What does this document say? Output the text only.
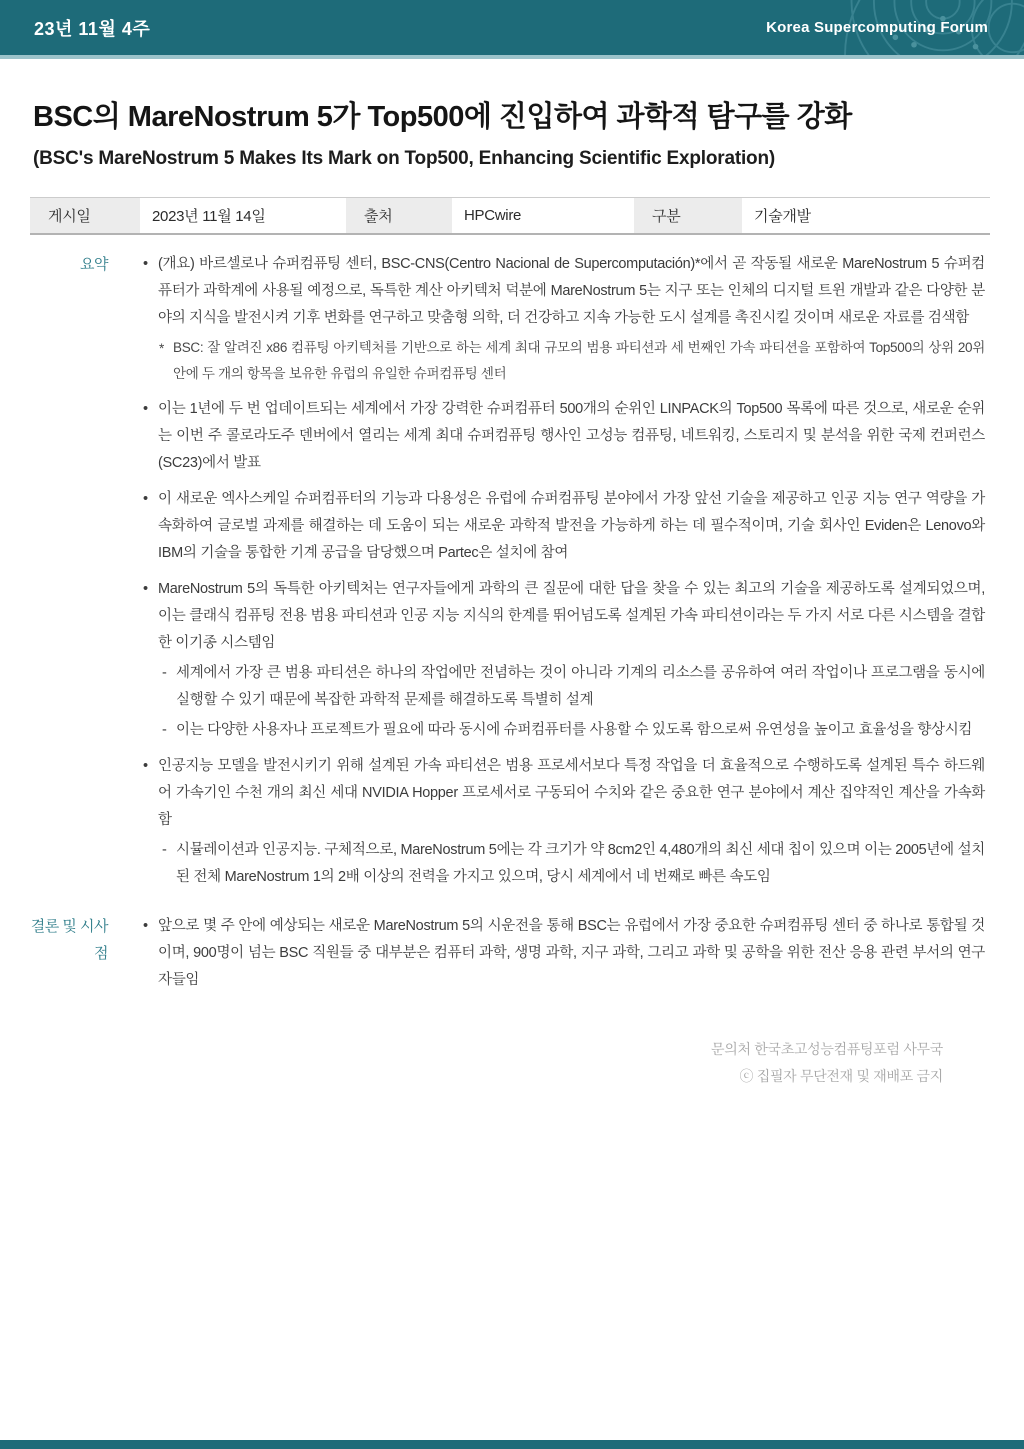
23년 11월 4주	Korea Supercomputing Forum
BSC의 MareNostrum 5가 Top500에 진입하여 과학적 탐구를 강화
(BSC's MareNostrum 5 Makes Its Mark on Top500, Enhancing Scientific Exploration)
게시일	2023년 11월 14일	출처	HPCwire	구분	기술개발
요약	•

(개요) 바르셀로나 슈퍼컴퓨팅 센터, BSC-CNS(Centro Nacional de Supercomputación)*에서 곧 작동될 새로운 MareNostrum 5 슈퍼컴퓨터가 과학계에 사용될 예정으로, 독특한 계산 아키텍처 덕분에 MareNostrum 5는 지구 또는 인체의 디지털 트윈 개발과 같은 다양한 분야의 지식을 발전시켜 기후 변화를 연구하고 맞춤형 의학, 더 건강하고 지속 가능한 도시 설계를 촉진시킬 것이며 새로운 자료를 검색함

*

BSC: 잘 알려진 x86 컴퓨팅 아키텍처를 기반으로 하는 세계 최대 규모의 범용 파티션과 세 번째인 가속 파티션을 포함하여 Top500의 상위 20위 안에 두 개의 항목을 보유한 유럽의 유일한 슈퍼컴퓨팅 센터

•

이는 1년에 두 번 업데이트되는 세계에서 가장 강력한 슈퍼컴퓨터 500개의 순위인 LINPACK의 Top500 목록에 따른 것으로, 새로운 순위는 이번 주 콜로라도주 덴버에서 열리는 세계 최대 슈퍼컴퓨팅 행사인 고성능 컴퓨팅, 네트워킹, 스토리지 및 분석을 위한 국제 컨퍼런스(SC23)에서 발표

•

이 새로운 엑사스케일 슈퍼컴퓨터의 기능과 다용성은 유럽에 슈퍼컴퓨팅 분야에서 가장 앞선 기술을 제공하고 인공 지능 연구 역량을 가속화하여 글로벌 과제를 해결하는 데 도움이 되는 새로운 과학적 발전을 가능하게 하는 데 필수적이며, 기술 회사인 Eviden은 Lenovo와 IBM의 기술을 통합한 기계 공급을 담당했으며 Partec은 설치에 참여

•

MareNostrum 5의 독특한 아키텍처는 연구자들에게 과학의 큰 질문에 대한 답을 찾을 수 있는 최고의 기술을 제공하도록 설계되었으며, 이는 클래식 컴퓨팅 전용 범용 파티션과 인공 지능 지식의 한계를 뛰어넘도록 설계된 가속 파티션이라는 두 가지 서로 다른 시스템을 결합한 이기종 시스템임

-

세계에서 가장 큰 범용 파티션은 하나의 작업에만 전념하는 것이 아니라 기계의 리소스를 공유하여 여러 작업이나 프로그램을 동시에 실행할 수 있기 때문에 복잡한 과학적 문제를 해결하도록 특별히 설계

-

이는 다양한 사용자나 프로젝트가 필요에 따라 동시에 슈퍼컴퓨터를 사용할 수 있도록 함으로써 유연성을 높이고 효율성을 향상시킴

•

인공지능 모델을 발전시키기 위해 설계된 가속 파티션은 범용 프로세서보다 특정 작업을 더 효율적으로 수행하도록 설계된 특수 하드웨어 가속기인 수천 개의 최신 세대 NVIDIA Hopper 프로세서로 구동되어 수치와 같은 중요한 연구 분야에서 계산 집약적인 계산을 가속화 함

-

시뮬레이션과 인공지능. 구체적으로, MareNostrum 5에는 각 크기가 약 8cm2인 4,480개의 최신 세대 칩이 있으며 이는 2005년에 설치된 전체 MareNostrum 1의 2배 이상의 전력을 가지고 있으며, 당시 세계에서 네 번째로 빠른 속도임

결론 및 시사점
•

앞으로 몇 주 안에 예상되는 새로운 MareNostrum 5의 시운전을 통해 BSC는 유럽에서 가장 중요한 슈퍼컴퓨팅 센터 중 하나로 통합될 것이며, 900명이 넘는 BSC 직원들 중 대부분은 컴퓨터 과학, 생명 과학, 지구 과학, 그리고 과학 및 공학을 위한 전산 응용 관련 부서의 연구자들임

문의처 한국초고성능컴퓨팅포럼 사무국
ⓒ 집필자 무단전재 및 재배포 금지
